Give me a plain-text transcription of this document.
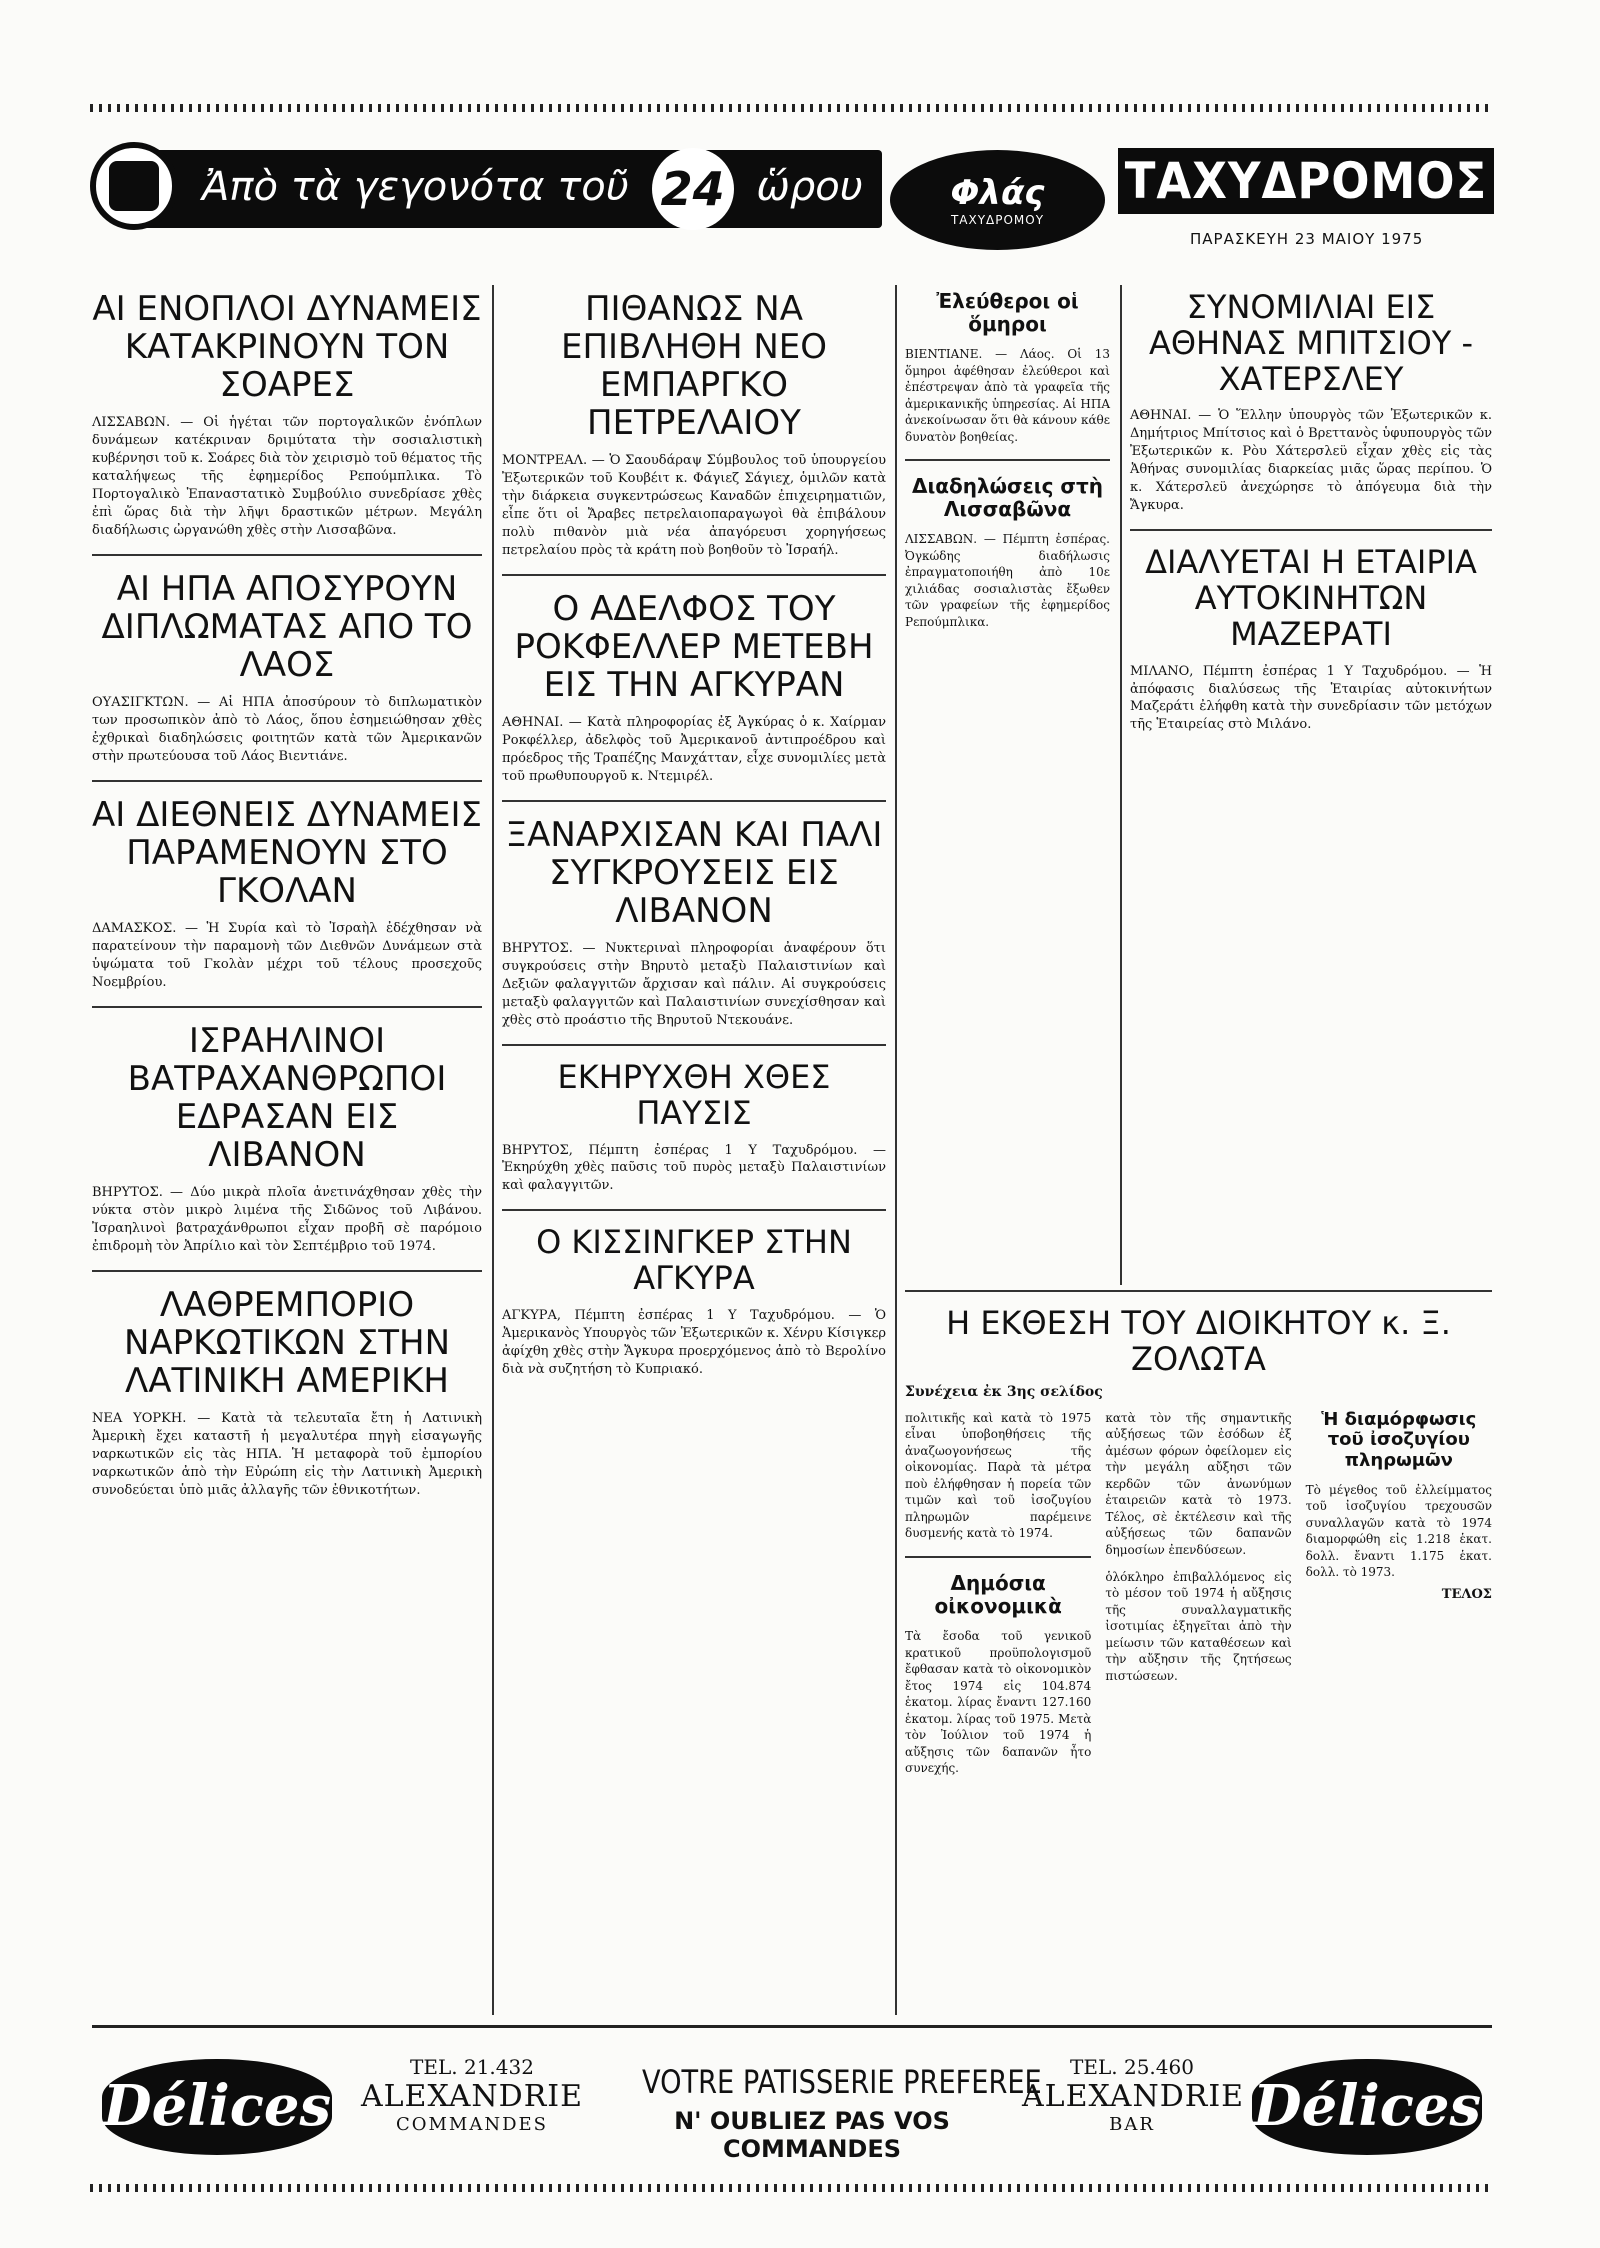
Ἀπὸ τὰ γεγονότα τοῦ 24 ὥρου	Φλάς
ΤΑΧΥΔΡΟΜΟΥ
ΤΑΧΥΔΡΟΜΟΣ
ΠΑΡΑΣΚΕΥΗ 23 ΜΑΙΟΥ 1975
ΑΙ ΕΝΟΠΛΟΙ ΔΥΝΑΜΕΙΣ ΚΑΤΑΚΡΙΝΟΥΝ ΤΟΝ ΣΟΑΡΕΣ

ΛΙΣΣΑΒΩΝ. — Οἱ ἡγέται τῶν πορτογαλικῶν ἐνόπλων δυνάμεων κατέκριναν δριμύτατα τὴν σοσιαλιστικὴ κυβέρνησι τοῦ κ. Σοάρες διὰ τὸν χειρισμὸ τοῦ θέματος τῆς καταλήψεως τῆς ἐφημερίδος Ρεπούμπλικα. Τὸ Πορτογαλικὸ Ἐπαναστατικὸ Συμβούλιο συνεδρίασε χθὲς ἐπὶ ὥρας διὰ τὴν λῆψι δραστικῶν μέτρων. Μεγάλη διαδήλωσις ὠργανώθη χθὲς στὴν Λισσαβῶνα.

ΑΙ ΗΠΑ ΑΠΟΣΥΡΟΥΝ ΔΙΠΛΩΜΑΤΑΣ ΑΠΟ ΤΟ ΛΑΟΣ

ΟΥΑΣΙΓΚΤΩΝ. — Αἱ ΗΠΑ ἀποσύρουν τὸ διπλωματικὸν των προσωπικὸν ἀπὸ τὸ Λάος, ὅπου ἐσημειώθησαν χθὲς ἐχθρικαὶ διαδηλώσεις φοιτητῶν κατὰ τῶν Ἀμερικανῶν στὴν πρωτεύουσα τοῦ Λάος Βιεντιάνε.

ΑΙ ΔΙΕΘΝΕΙΣ ΔΥΝΑΜΕΙΣ ΠΑΡΑΜΕΝΟΥΝ ΣΤΟ ΓΚΟΛΑΝ

ΔΑΜΑΣΚΟΣ. — Ἡ Συρία καὶ τὸ Ἰσραὴλ ἐδέχθησαν νὰ παρατείνουν τὴν παραμονὴ τῶν Διεθνῶν Δυνάμεων στὰ ὑψώματα τοῦ Γκολὰν μέχρι τοῦ τέλους προσεχοῦς Νοεμβρίου.

ΙΣΡΑΗΛΙΝΟΙ ΒΑΤΡΑΧΑΝΘΡΩΠΟΙ ΕΔΡΑΣΑΝ ΕΙΣ ΛΙΒΑΝΟΝ

ΒΗΡΥΤΟΣ. — Δύο μικρὰ πλοῖα ἀνετινάχθησαν χθὲς τὴν νύκτα στὸν μικρὸ λιμένα τῆς Σιδῶνος τοῦ Λιβάνου. Ἰσραηλινοὶ βατραχάνθρωποι εἶχαν προβῆ σὲ παρόμοιο ἐπιδρομὴ τὸν Ἀπρίλιο καὶ τὸν Σεπτέμβριο τοῦ 1974.

ΛΑΘΡΕΜΠΟΡΙΟ ΝΑΡΚΩΤΙΚΩΝ ΣΤΗΝ ΛΑΤΙΝΙΚΗ ΑΜΕΡΙΚΗ

ΝΕΑ ΥΟΡΚΗ. — Κατὰ τὰ τελευταῖα ἔτη ἡ Λατινικὴ Ἀμερικὴ ἔχει καταστῆ ἡ μεγαλυτέρα πηγὴ εἰσαγωγῆς ναρκωτικῶν εἰς τὰς ΗΠΑ. Ἡ μεταφορὰ τοῦ ἐμπορίου ναρκωτικῶν ἀπὸ τὴν Εὐρώπη εἰς τὴν Λατινικὴ Ἀμερικὴ συνοδεύεται ὑπὸ μιᾶς ἀλλαγῆς τῶν ἐθνικοτήτων.

ΠΙΘΑΝΩΣ ΝΑ ΕΠΙΒΛΗΘΗ ΝΕΟ ΕΜΠΑΡΓΚΟ ΠΕΤΡΕΛΑΙΟΥ

ΜΟΝΤΡΕΑΛ. — Ὁ Σαουδάραψ Σύμβουλος τοῦ ὑπουργείου Ἐξωτερικῶν τοῦ Κουβέιτ κ. Φάγιεζ Σάγιεχ, ὁμιλῶν κατὰ τὴν διάρκεια συγκεντρώσεως Καναδῶν ἐπιχειρηματιῶν, εἶπε ὅτι οἱ Ἄραβες πετρελαιοπαραγωγοὶ θὰ ἐπιβάλουν πολὺ πιθανὸν μιὰ νέα ἀπαγόρευσι χορηγήσεως πετρελαίου πρὸς τὰ κράτη ποὺ βοηθοῦν τὸ Ἰσραήλ.

Ο ΑΔΕΛΦΟΣ ΤΟΥ ΡΟΚΦΕΛΛΕΡ ΜΕΤΕΒΗ ΕΙΣ ΤΗΝ ΑΓΚΥΡΑΝ

ΑΘΗΝΑΙ. — Κατὰ πληροφορίας ἐξ Ἀγκύρας ὁ κ. Χαίρμαν Ροκφέλλερ, ἀδελφὸς τοῦ Ἀμερικανοῦ ἀντιπροέδρου καὶ πρόεδρος τῆς Τραπέζης Μανχάτταν, εἶχε συνομιλίες μετὰ τοῦ πρωθυπουργοῦ κ. Ντεμιρέλ.

ΞΑΝΑΡΧΙΣΑΝ ΚΑΙ ΠΑΛΙ ΣΥΓΚΡΟΥΣΕΙΣ ΕΙΣ ΛΙΒΑΝΟΝ

ΒΗΡΥΤΟΣ. — Νυκτεριναὶ πληροφορίαι ἀναφέρουν ὅτι συγκρούσεις στὴν Βηρυτὸ μεταξὺ Παλαιστινίων καὶ Δεξιῶν φαλαγγιτῶν ἄρχισαν καὶ πάλιν. Αἱ συγκρούσεις μεταξὺ φαλαγγιτῶν καὶ Παλαιστινίων συνεχίσθησαν καὶ χθὲς στὸ προάστιο τῆς Βηρυτοῦ Ντεκουάνε.

ΕΚΗΡΥΧΘΗ ΧΘΕΣ ΠΑΥΣΙΣ

ΒΗΡΥΤΟΣ, Πέμπτη ἐσπέρας 1 Y Ταχυδρόμου. — Ἐκηρύχθη χθὲς παῦσις τοῦ πυρὸς μεταξὺ Παλαιστινίων καὶ φαλαγγιτῶν.

Ο ΚΙΣΣΙΝΓΚΕΡ ΣΤΗΝ ΑΓΚΥΡΑ

ΑΓΚΥΡΑ, Πέμπτη ἐσπέρας 1 Y Ταχυδρόμου. — Ὁ Ἀμερικανὸς Υπουργὸς τῶν Ἐξωτερικῶν κ. Χένρυ Κίσιγκερ ἀφίχθη χθὲς στὴν Ἄγκυρα προερχόμενος ἀπὸ τὸ Βερολίνο διὰ νὰ συζητήση τὸ Κυπριακό.

Ἐλεύθεροι οἱ ὅμηροι

ΒΙΕΝΤΙΑΝΕ. — Λάος. Οἱ 13 ὅμηροι ἀφέθησαν ἐλεύθεροι καὶ ἐπέστρεψαν ἀπὸ τὰ γραφεῖα τῆς ἀμερικανικῆς ὑπηρεσίας. Αἱ ΗΠΑ ἀνεκοίνωσαν ὅτι θὰ κάνουν κάθε δυνατὸν βοηθείας.

Διαδηλώσεις στὴ Λισσαβῶνα

ΛΙΣΣΑΒΩΝ. — Πέμπτη ἐσπέρας. Ὀγκώδης διαδήλωσις ἐπραγματοποιήθη ἀπὸ 10ε χιλιάδας σοσιαλιστὰς ἔξωθεν τῶν γραφείων τῆς ἐφημερίδος Ρεπούμπλικα.

ΣΥΝΟΜΙΛΙΑΙ ΕΙΣ ΑΘΗΝΑΣ ΜΠΙΤΣΙΟΥ - ΧΑΤΕΡΣΛΕΥ

ΑΘΗΝΑΙ. — Ὁ Ἕλλην ὑπουργὸς τῶν Ἐξωτερικῶν κ. Δημήτριος Μπίτσιος καὶ ὁ Βρεττανὸς ὑφυπουργὸς τῶν Ἐξωτερικῶν κ. Ρὸυ Χάτερσλεϋ εἶχαν χθὲς εἰς τὰς Ἀθήνας συνομιλίας διαρκείας μιᾶς ὥρας περίπου. Ὁ κ. Χάτερσλεϋ ἀνεχώρησε τὸ ἀπόγευμα διὰ τὴν Ἄγκυρα.

ΔΙΑΛΥΕΤΑΙ Η ΕΤΑΙΡΙΑ ΑΥΤΟΚΙΝΗΤΩΝ ΜΑΖΕΡΑΤΙ

ΜΙΛΑΝΟ, Πέμπτη ἐσπέρας 1 Y Ταχυδρόμου. — Ἡ ἀπόφασις διαλύσεως τῆς Ἑταιρίας αὐτοκινήτων Μαζεράτι ἐλήφθη κατὰ τὴν συνεδρίασιν τῶν μετόχων τῆς Ἑταιρείας στὸ Μιλάνο.

Η ΕΚΘΕΣΗ ΤΟΥ ΔΙΟΙΚΗΤΟΥ κ. Ξ. ΖΟΛΩΤΑ
Συνέχεια ἐκ 3ης σελίδος

πολιτικῆς καὶ κατὰ τὸ 1975 εἶναι ὑποβοηθήσεις τῆς ἀναζωογονήσεως τῆς οἰκονομίας. Παρὰ τὰ μέτρα ποὺ ἐλήφθησαν ἡ πορεία τῶν τιμῶν καὶ τοῦ ἰσοζυγίου πληρωμῶν παρέμεινε δυσμενής κατὰ τὸ 1974.

Δημόσια οἰκονομικὰ

Τὰ ἔσοδα τοῦ γενικοῦ κρατικοῦ προϋπολογισμοῦ ἔφθασαν κατὰ τὸ οἰκονομικὸν ἔτος 1974 εἰς 104.874 ἑκατομ. λίρας ἔναντι 127.160 ἑκατομ. λίρας τοῦ 1975. Μετὰ τὸν Ἰούλιον τοῦ 1974 ἡ αὔξησις τῶν δαπανῶν ἦτο συνεχής.

κατὰ τὸν τῆς σημαντικῆς αὐξήσεως τῶν ἐσόδων ἐξ ἀμέσων φόρων ὀφείλομεν εἰς τὴν μεγάλη αὔξησι τῶν κερδῶν τῶν ἀνωνύμων ἑταιρειῶν κατὰ τὸ 1973. Τέλος, σὲ ἐκτέλεσιν καὶ τῆς αὐξήσεως τῶν δαπανῶν δημοσίων ἐπενδύσεων.

ὁλόκληρο ἐπιβαλλόμενος εἰς τὸ μέσον τοῦ 1974 ἡ αὔξησις τῆς συναλλαγματικῆς ἰσοτιμίας ἐξηγεῖται ἀπὸ τὴν μείωσιν τῶν καταθέσεων καὶ τὴν αὔξησιν τῆς ζητήσεως πιστώσεων.

Ἡ διαμόρφωσις τοῦ ἰσοζυγίου πληρωμῶν

Τὸ μέγεθος τοῦ ἐλλείμματος τοῦ ἰσοζυγίου τρεχουσῶν συναλλαγῶν κατὰ τὸ 1974 διαμορφώθη εἰς 1.218 ἑκατ. δολλ. ἔναντι 1.175 ἑκατ. δολλ. τὸ 1973.

ΤΕΛΟΣ
Délices
TEL. 21.432
ALEXANDRIE
COMMANDES
VOTRE PATISSERIE PREFEREE
N' OUBLIEZ PAS VOS COMMANDES
TEL. 25.460
ALEXANDRIE
BAR	Délices
